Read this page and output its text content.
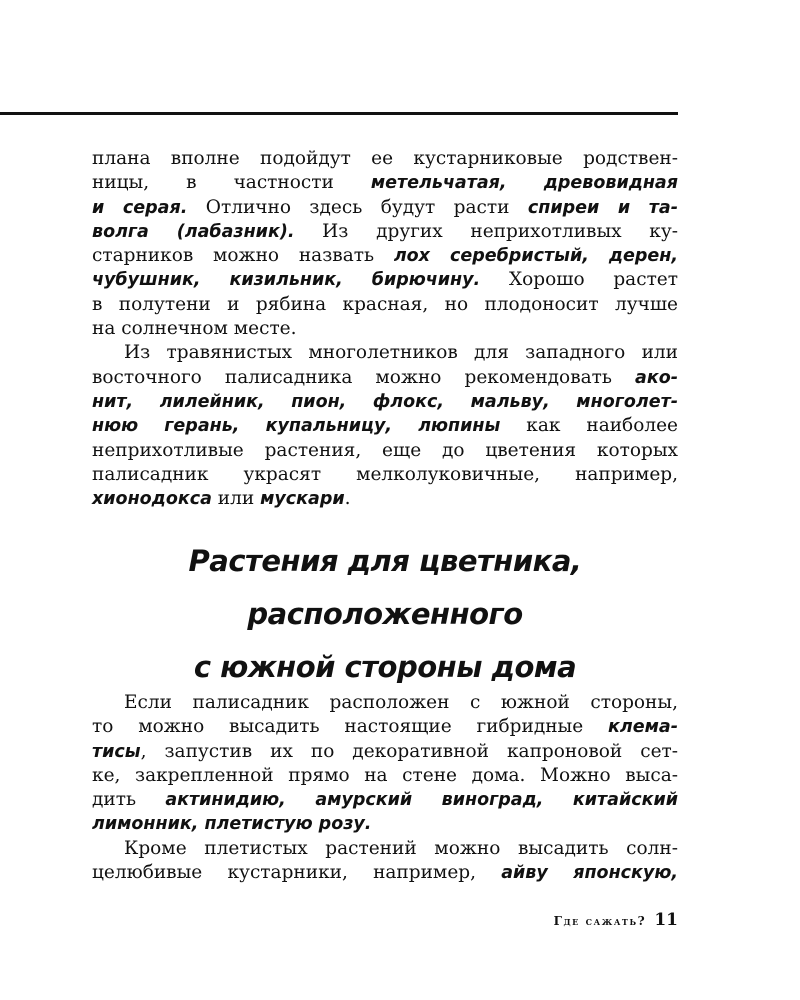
плана вполне подойдут ее кустарниковые родствен-
ницы, в частности метельчатая, древовидная
и серая. Отлично здесь будут расти спиреи и та-
волга (лабазник). Из других неприхотливых ку-
старников можно назвать лох серебристый, дерен,
чубушник, кизильник, бирючину. Хорошо растет
в полутени и рябина красная, но плодоносит лучше
на солнечном месте.
Из травянистых многолетников для западного или
восточного палисадника можно рекомендовать ако-
нит, лилейник, пион, флокс, мальву, многолет-
нюю герань, купальницу, люпины как наиболее
неприхотливые растения, еще до цветения которых
палисадник украсят мелколуковичные, например,
хионодокса или мускари.
Растения для цветника,
расположенного
с южной стороны дома
Если палисадник расположен с южной стороны,
то можно высадить настоящие гибридные клема-
тисы, запустив их по декоративной капроновой сет-
ке, закрепленной прямо на стене дома. Можно выса-
дить актинидию, амурский виноград, китайский
лимонник, плетистую розу.
Кроме плетистых растений можно высадить солн-
целюбивые кустарники, например, айву японскую,
Где сажать? 11
